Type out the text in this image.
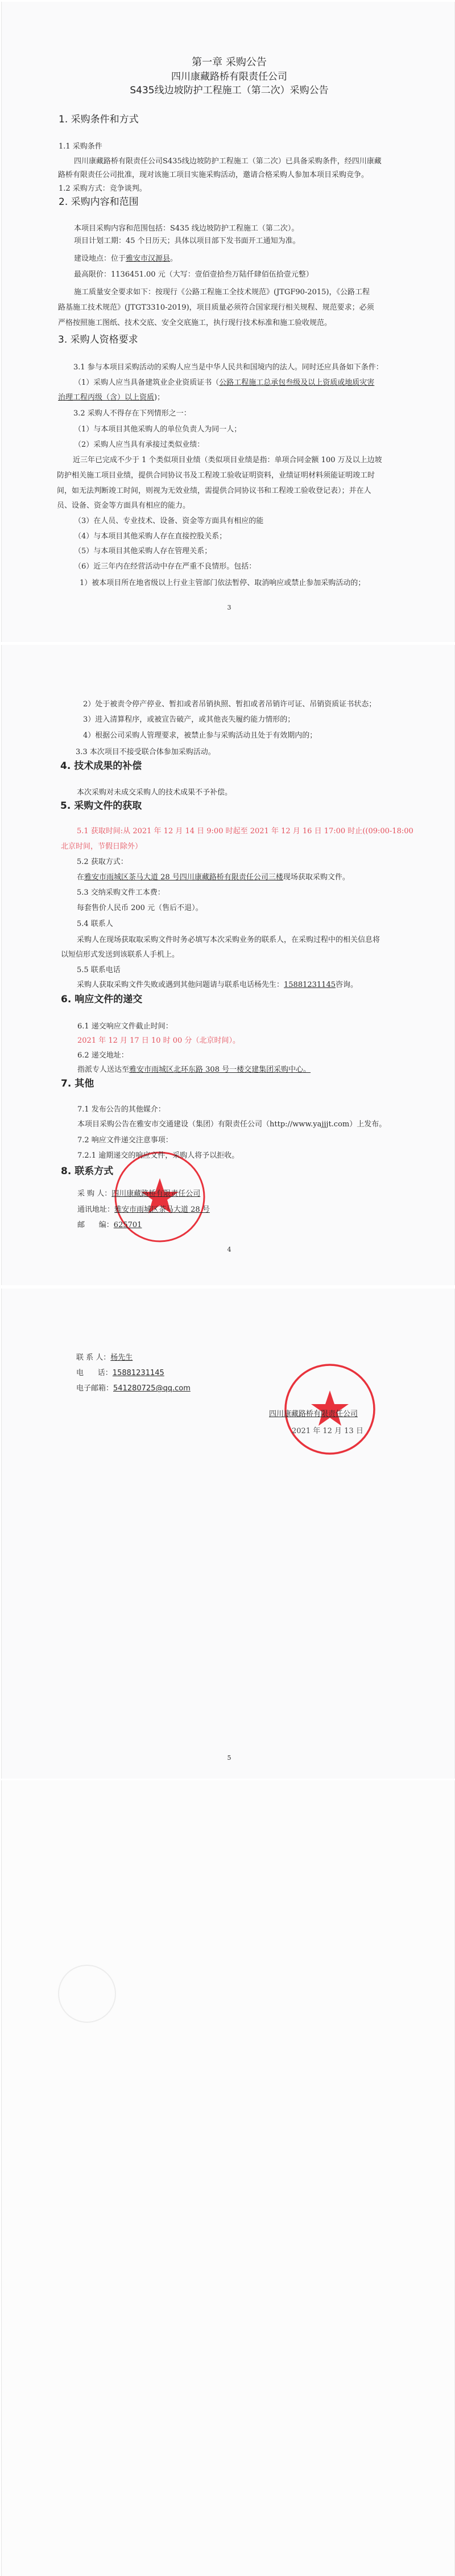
第一章 采购公告
四川康藏路桥有限责任公司
S435线边坡防护工程施工（第二次）采购公告
1. 采购条件和方式
1.1 采购条件
四川康藏路桥有限责任公司S435线边坡防护工程施工（第二次）已具备采购条件，经四川康藏
路桥有限责任公司批准，现对该施工项目实施采购活动，邀请合格采购人参加本项目采购竞争。
1.2 采购方式：竞争谈判。
2. 采购内容和范围
本项目采购内容和范围包括：S435 线边坡防护工程施工（第二次）。
项目计划工期：45 个日历天；具体以项目部下发书面开工通知为准。
建设地点：位于雅安市汉源县。
最高限价：1136451.00 元（大写：壹佰壹拾叁万陆仟肆佰伍拾壹元整）
施工质量安全要求如下：按现行《公路工程施工全技术规范》(JTGF90-2015)，《公路工程
路基施工技术规范》(JTGT3310-2019)，项目质量必须符合国家现行相关规程、规范要求；必须
严格按照施工图纸、技术交底、安全交底施工，执行现行技术标准和施工验收规范。
3. 采购人资格要求
3.1 参与本项目采购活动的采购人应当是中华人民共和国境内的法人。同时还应具备如下条件：
（1）采购人应当具备建筑业企业资质证书（公路工程施工总承包叁级及以上资质或地质灾害
治理工程丙级（含）以上资质)；
3.2 采购人不得存在下列情形之一：
（1）与本项目其他采购人的单位负责人为同一人；
（2）采购人应当具有承接过类似业绩：
近三年已完成不少于 1 个类似项目业绩（类似项目业绩是指：单项合同金额 100 万及以上边坡
防护相关施工项目业绩，提供合同协议书及工程竣工验收证明资料，业绩证明材料须能证明竣工时
间，如无法判断竣工时间，则视为无效业绩，需提供合同协议书和工程竣工验收登记表）；并在人
员、设备、资金等方面具有相应的能力。
（3）在人员、专业技术、设备、资金等方面具有相应的能
（4）与本项目其他采购人存在直接控股关系；
（5）与本项目其他采购人存在管理关系；
（6）近三年内在经营活动中存在严重不良情形。包括：
1）被本项目所在地省级以上行业主管部门依法暂停、取消响应或禁止参加采购活动的；
3
2）处于被责令停产停业、暂扣或者吊销执照、暂扣或者吊销许可证、吊销资质证书状态；
3）进入清算程序，或被宣告破产，或其他丧失履约能力情形的；
4）根据公司采购人管理要求，被禁止参与采购活动且处于有效期内的；
3.3 本次项目不接受联合体参加采购活动。
4. 技术成果的补偿
本次采购对未成交采购人的技术成果不予补偿。
5. 采购文件的获取
5.1 获取时间:从 2021 年 12 月 14 日 9:00 时起至 2021 年 12 月 16 日 17:00 时止((09:00-18:00
北京时间，节假日除外）
5.2 获取方式：
在雅安市雨城区茶马大道 28 号四川康藏路桥有限责任公司三楼现场获取采购文件。
5.3 交纳采购文件工本费：
每套售价人民币 200 元（售后不退）。
5.4 联系人
采购人在现场获取取采购文件时务必填写本次采购业务的联系人，在采购过程中的相关信息将
以短信形式发送到该联系人手机上。
5.5 联系电话
采购人获取采购文件失败或遇到其他问题请与联系电话杨先生：15881231145咨询。
6. 响应文件的递交
6.1 递交响应文件截止时间：
2021 年 12 月 17 日 10 时 00 分（北京时间）。
6.2 递交地址：
指派专人送达至雅安市雨城区北环东路 308 号一楼交建集团采购中心。
7. 其他
7.1 发布公告的其他媒介：
本项目采购公告在雅安市交通建设（集团）有限责任公司（http://www.yajjjt.com）上发布。
7.2 响应文件递交注意事项：
7.2.1 逾期递交的响应文件，采购人将予以拒收。
8. 联系方式
采 购 人：四川康藏路桥有限责任公司
通讯地址：雅安市雨城区茶马大道 28 号
邮      编：625701
4
联 系 人：杨先生
电      话：15881231145
电子邮箱：541280725@qq.com
四川康藏路桥有限责任公司
2021 年 12 月 13 日
5
